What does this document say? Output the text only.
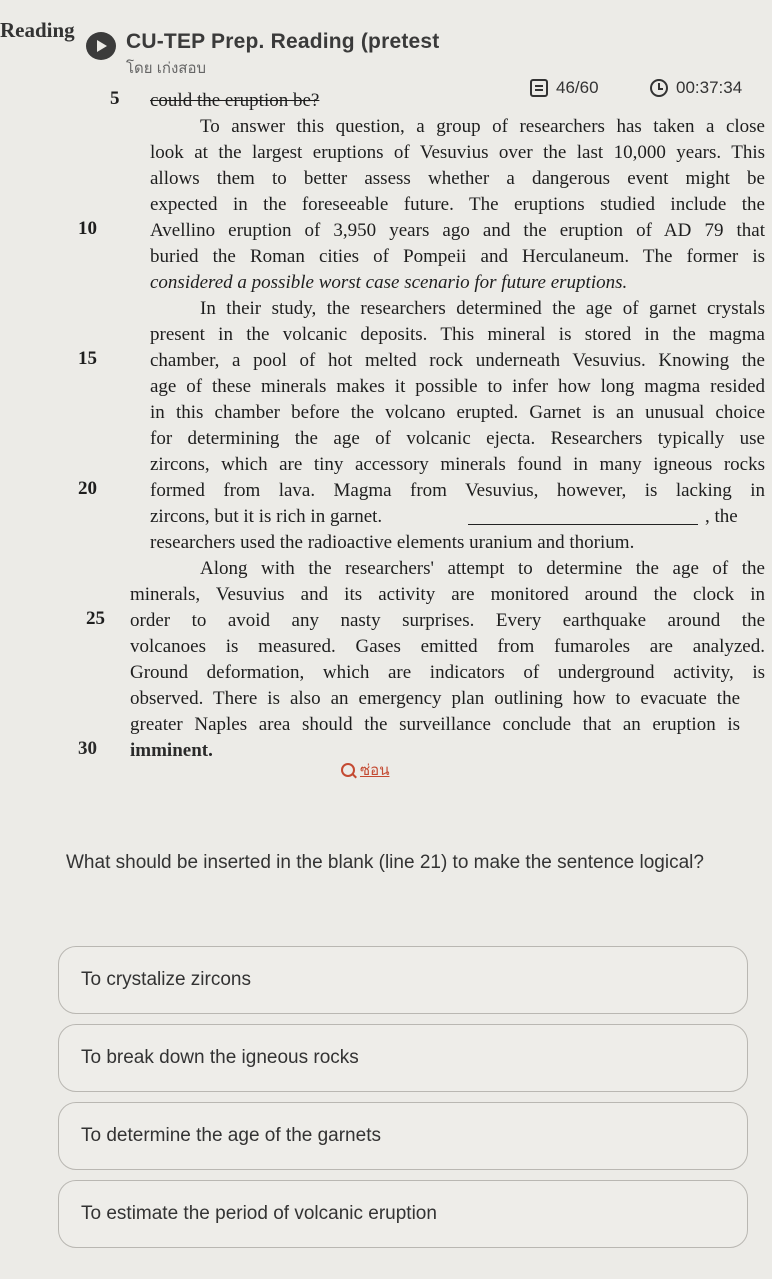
Reading CU-TEP Prep. Reading (pretest
โดย เก่งสอบ
46/60	00:37:34
5	could the eruption be?
To answer this question, a group of researchers has taken a close
look at the largest eruptions of Vesuvius over the last 10,000 years. This
allows them to better assess whether a dangerous event might be
expected in the foreseeable future. The eruptions studied include the
10	Avellino eruption of 3,950 years ago and the eruption of AD 79 that
buried the Roman cities of Pompeii and Herculaneum. The former is
considered a possible worst case scenario for future eruptions.
In their study, the researchers determined the age of garnet crystals
present in the volcanic deposits. This mineral is stored in the magma
15	chamber, a pool of hot melted rock underneath Vesuvius. Knowing the
age of these minerals makes it possible to infer how long magma resided
in this chamber before the volcano erupted. Garnet is an unusual choice
for determining the age of volcanic ejecta. Researchers typically use
zircons, which are tiny accessory minerals found in many igneous rocks
20	formed from lava. Magma from Vesuvius, however, is lacking in
zircons, but it is rich in garnet.	, the
researchers used the radioactive elements uranium and thorium.
Along with the researchers' attempt to determine the age of the
minerals, Vesuvius and its activity are monitored around the clock in
25	order to avoid any nasty surprises. Every earthquake around the
volcanoes is measured. Gases emitted from fumaroles are analyzed.
Ground deformation, which are indicators of underground activity, is
observed. There is also an emergency plan outlining how to evacuate the
greater Naples area should the surveillance conclude that an eruption is
30	imminent.
ซ่อน
What should be inserted in the blank (line 21) to make the sentence logical?
To crystalize zircons
To break down the igneous rocks
To determine the age of the garnets
To estimate the period of volcanic eruption
